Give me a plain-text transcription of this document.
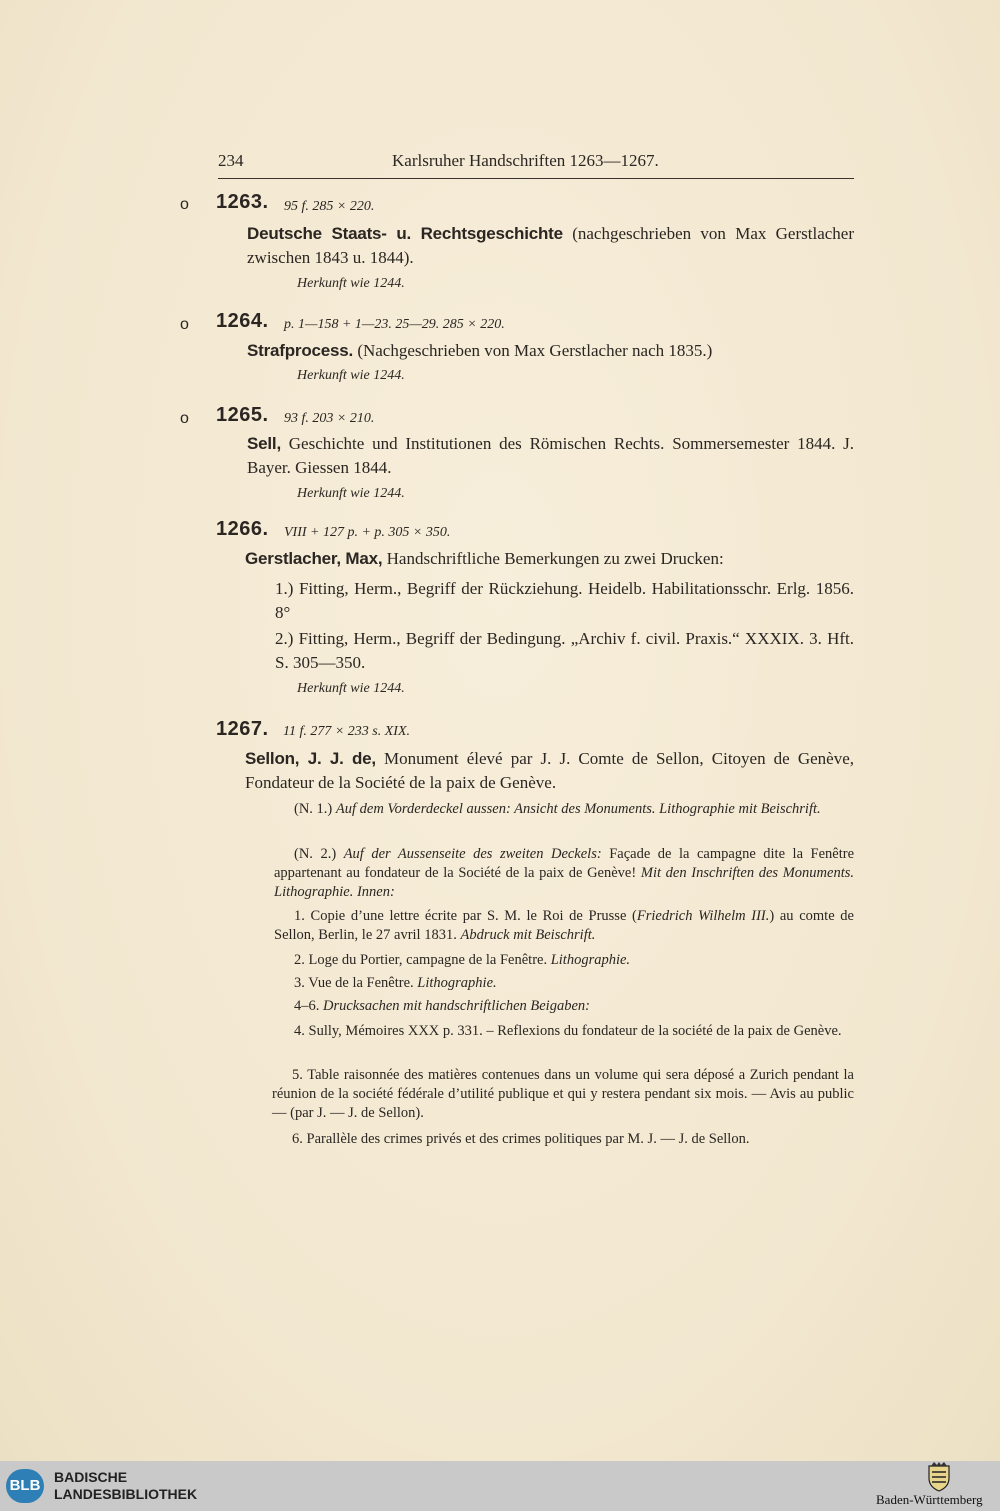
234	Karlsruher Handschriften 1263—1267.
o 1263. 95 f. 285 × 220.
Deutsche Staats- u. Rechtsgeschichte (nachgeschrieben von Max Gerstlacher zwischen 1843 u. 1844).
Herkunft wie 1244.
o 1264. p. 1—158 + 1—23. 25—29. 285 × 220.
Strafprocess. (Nachgeschrieben von Max Gerstlacher nach 1835.)
Herkunft wie 1244.
o 1265. 93 f. 203 × 210.
Sell, Geschichte und Institutionen des Römischen Rechts. Sommersemester 1844. J. Bayer. Giessen 1844.
Herkunft wie 1244.
1266. VIII + 127 p. + p. 305 × 350.
Gerstlacher, Max, Handschriftliche Bemerkungen zu zwei Drucken:
1.) Fitting, Herm., Begriff der Rückziehung. Heidelb. Habilitationsschr. Erlg. 1856. 8°
2.) Fitting, Herm., Begriff der Bedingung. „Archiv f. civil. Praxis.“ XXXIX. 3. Hft. S. 305—350.
Herkunft wie 1244.
1267. 11 f. 277 × 233 s. XIX.
Sellon, J. J. de, Monument élevé par J. J. Comte de Sellon, Citoyen de Genève, Fondateur de la Société de la paix de Genève.
(N. 1.) Auf dem Vorderdeckel aussen: Ansicht des Monuments. Lithographie mit Beischrift.
(N. 2.) Auf der Aussenseite des zweiten Deckels: Façade de la campagne dite la Fenêtre appartenant au fondateur de la Société de la paix de Genève! Mit den Inschriften des Monuments. Lithographie. Innen:
1. Copie d’une lettre écrite par S. M. le Roi de Prusse (Friedrich Wilhelm III.) au comte de Sellon, Berlin, le 27 avril 1831. Abdruck mit Beischrift.
2. Loge du Portier, campagne de la Fenêtre. Lithographie.
3. Vue de la Fenêtre. Lithographie.
4–6. Drucksachen mit handschriftlichen Beigaben:
4. Sully, Mémoires XXX p. 331. – Reflexions du fondateur de la société de la paix de Genève.
5. Table raisonnée des matières contenues dans un volume qui sera déposé a Zurich pendant la réunion de la société fédérale d’utilité publique et qui y restera pendant six mois. — Avis au public — (par J. — J. de Sellon).
6. Parallèle des crimes privés et des crimes politiques par M. J. — J. de Sellon.
BLB BADISCHE
LANDESBIBLIOTHEK	Baden-Württemberg
